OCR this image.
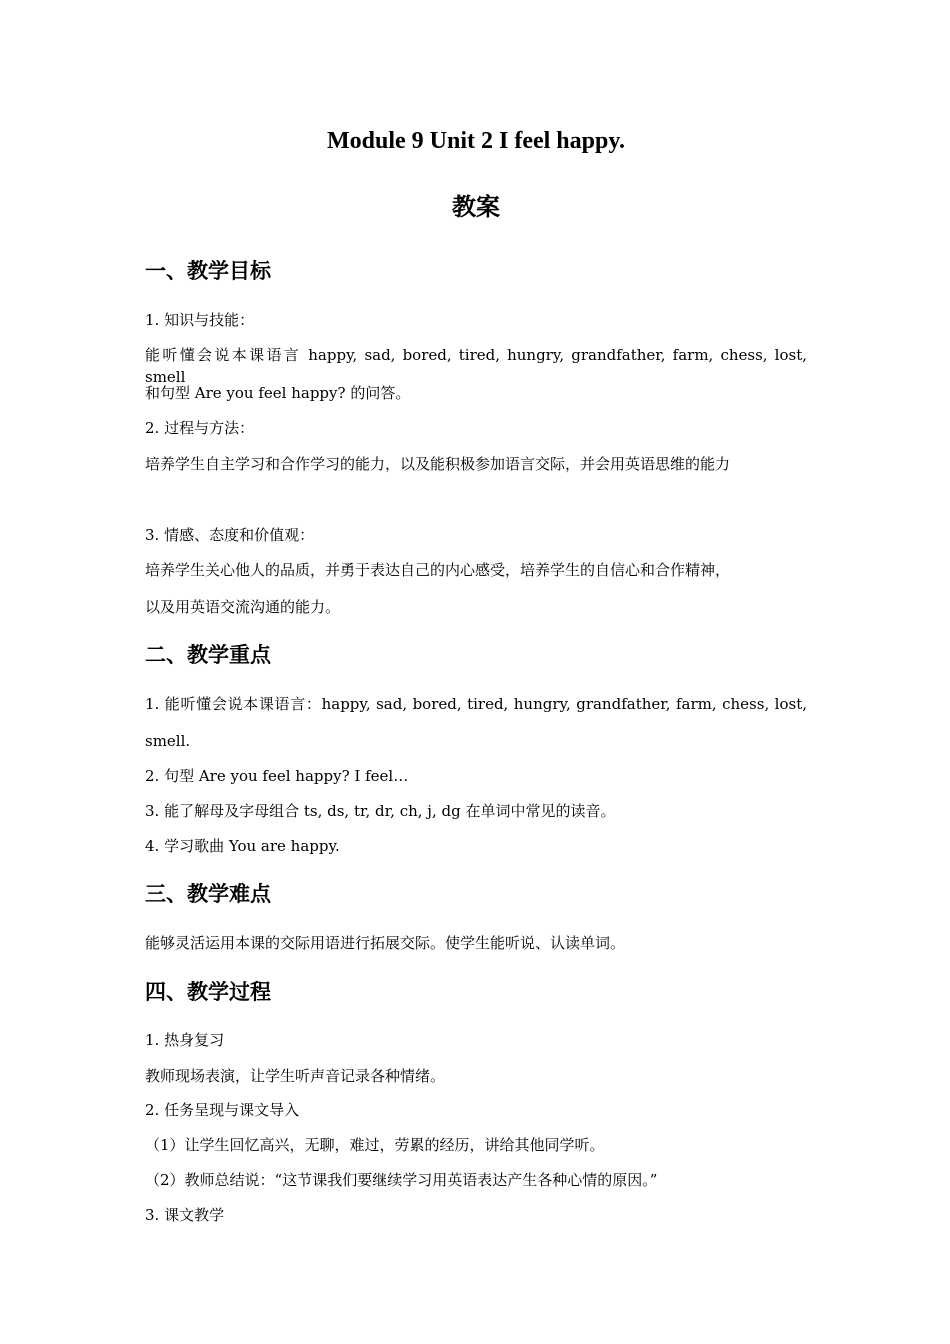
Module 9 Unit 2 I feel happy.
教案
一、教学目标
1. 知识与技能：
能听懂会说本课语言 happy, sad, bored, tired, hungry, grandfather, farm, chess, lost, smell
和句型 Are you feel happy? 的问答。
2. 过程与方法：
培养学生自主学习和合作学习的能力，以及能积极参加语言交际，并会用英语思维的能力
3. 情感、态度和价值观：
培养学生关心他人的品质，并勇于表达自己的内心感受，培养学生的自信心和合作精神，
以及用英语交流沟通的能力。
二、教学重点
1. 能听懂会说本课语言：happy, sad, bored, tired, hungry, grandfather, farm, chess, lost,
smell.
2. 句型 Are you feel happy? I feel…
3. 能了解母及字母组合 ts, ds, tr, dr, ch, j, dg 在单词中常见的读音。
4. 学习歌曲 You are happy.
三、教学难点
能够灵活运用本课的交际用语进行拓展交际。使学生能听说、认读单词。
四、教学过程
1. 热身复习
教师现场表演，让学生听声音记录各种情绪。
2. 任务呈现与课文导入
（1）让学生回忆高兴，无聊，难过，劳累的经历，讲给其他同学听。
（2）教师总结说：“这节课我们要继续学习用英语表达产生各种心情的原因。”
3. 课文教学
